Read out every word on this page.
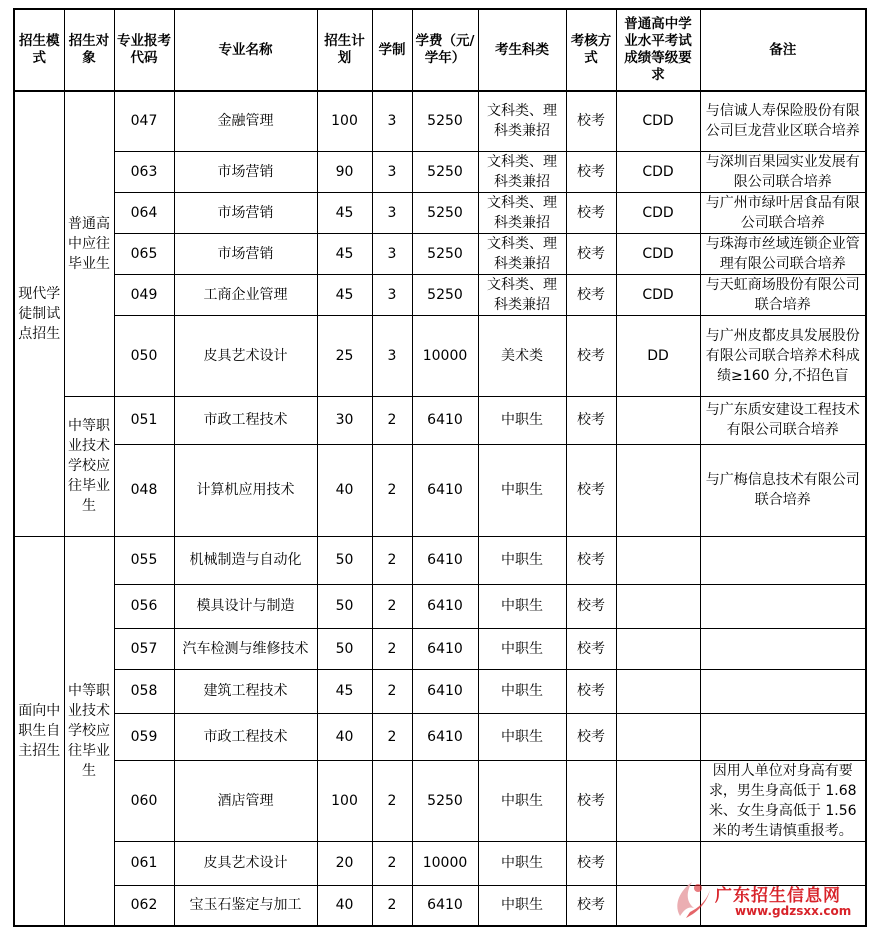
招生模式	招生对象	专业报考代码	专业名称	招生计划	学制	学费（元/学年）	考生科类	考核方式	普通高中学业水平考试成绩等级要求	备注
现代学徒制试点招生	普通高中应往毕业生	047	金融管理	100	3	5250	文科类、理科类兼招	校考	CDD	与信诚人寿保险股份有限公司巨龙营业区联合培养
		063	市场营销	90	3	5250	文科类、理科类兼招	校考	CDD	与深圳百果园实业发展有限公司联合培养
		064	市场营销	45	3	5250	文科类、理科类兼招	校考	CDD	与广州市绿叶居食品有限公司联合培养
		065	市场营销	45	3	5250	文科类、理科类兼招	校考	CDD	与珠海市丝域连锁企业管理有限公司联合培养
		049	工商企业管理	45	3	5250	文科类、理科类兼招	校考	CDD	与天虹商场股份有限公司联合培养
		050	皮具艺术设计	25	3	10000	美术类	校考	DD	与广州皮都皮具发展股份有限公司联合培养术科成绩≥160 分,不招色盲
	中等职业技术学校应往毕业生	051	市政工程技术	30	2	6410	中职生	校考		与广东质安建设工程技术有限公司联合培养
		048	计算机应用技术	40	2	6410	中职生	校考		与广梅信息技术有限公司联合培养
面向中职生自主招生	中等职业技术学校应往毕业生	055	机械制造与自动化	50	2	6410	中职生	校考		
		056	模具设计与制造	50	2	6410	中职生	校考		
		057	汽车检测与维修技术	50	2	6410	中职生	校考		
		058	建筑工程技术	45	2	6410	中职生	校考		
		059	市政工程技术	40	2	6410	中职生	校考		
		060	酒店管理	100	2	5250	中职生	校考		因用人单位对身高有要求，男生身高低于 1.68米、女生身高低于 1.56米的考生请慎重报考。
		061	皮具艺术设计	20	2	10000	中职生	校考		
		062	宝玉石鉴定与加工	40	2	6410	中职生	校考			广东招生信息网
www.gdzsxx.com
